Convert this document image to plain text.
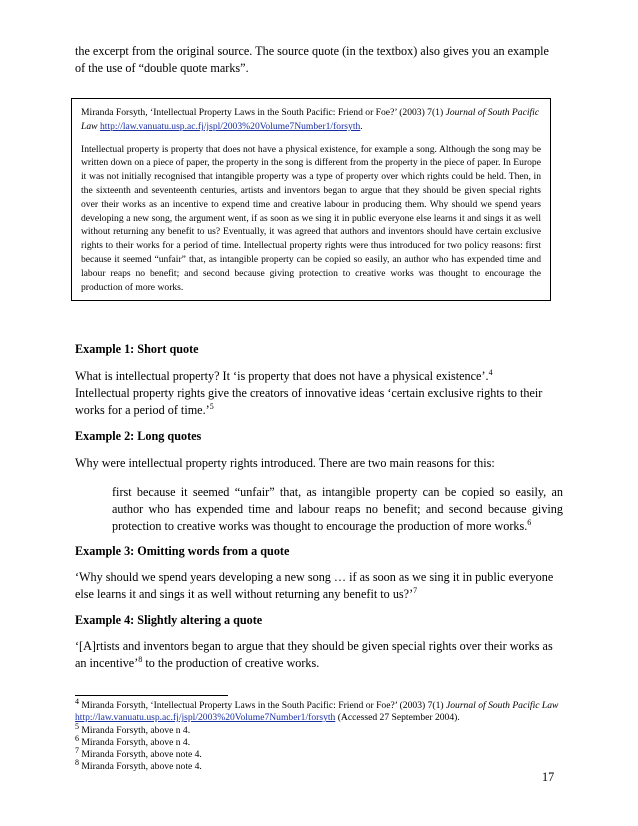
the excerpt from the original source. The source quote (in the textbox) also gives you an example
of the use of “double quote marks”.

Miranda Forsyth, ‘Intellectual Property Laws in the South Pacific: Friend or Foe?’ (2003) 7(1) Journal of South Pacific Law http://law.vanuatu.usp.ac.fj/jspl/2003%20Volume7Number1/forsyth.

Intellectual property is property that does not have a physical existence, for example a song. Although the song may be written down on a piece of paper, the property in the song is different from the property in the piece of paper. In Europe it was not initially recognised that intangible property was a type of property over which rights could be held. Then, in the sixteenth and seventeenth centuries, artists and inventors began to argue that they should be given special rights over their works as an incentive to expend time and creative labour in producing them. Why should we spend years developing a new song, the argument went, if as soon as we sing it in public everyone else learns it and sings it as well without returning any benefit to us? Eventually, it was agreed that authors and inventors should have certain exclusive rights to their works for a period of time. Intellectual property rights were thus introduced for two policy reasons: first because it seemed “unfair” that, as intangible property can be copied so easily, an author who has expended time and labour reaps no benefit; and second because giving protection to creative works was thought to encourage the production of more works.

Example 1: Short quote
What is intellectual property? It ‘is property that does not have a physical existence’.$^4$
Intellectual property rights give the creators of innovative ideas ‘certain exclusive rights to their works for a period of time.’$^5$
Example 2: Long quotes
Why were intellectual property rights introduced. There are two main reasons for this:
first because it seemed “unfair” that, as intangible property can be copied so easily, an author who has expended time and labour reaps no benefit; and second because giving protection to creative works was thought to encourage the production of more works.$^6$
Example 3: Omitting words from a quote
‘Why should we spend years developing a new song … if as soon as we sing it in public everyone else learns it and sings it as well without returning any benefit to us?’$^7$
Example 4: Slightly altering a quote
‘[A]rtists and inventors began to argue that they should be given special rights over their works as an incentive’$^8$ to the production of creative works.
$^4$ Miranda Forsyth, ‘Intellectual Property Laws in the South Pacific: Friend or Foe?’ (2003) 7(1) Journal of South Pacific Law http://law.vanuatu.usp.ac.fj/jspl/2003%20Volume7Number1/forsyth (Accessed 27 September 2004).
$^5$ Miranda Forsyth, above n 4.
$^6$ Miranda Forsyth, above n 4.
$^7$ Miranda Forsyth, above note 4.
$^8$ Miranda Forsyth, above note 4.
17
